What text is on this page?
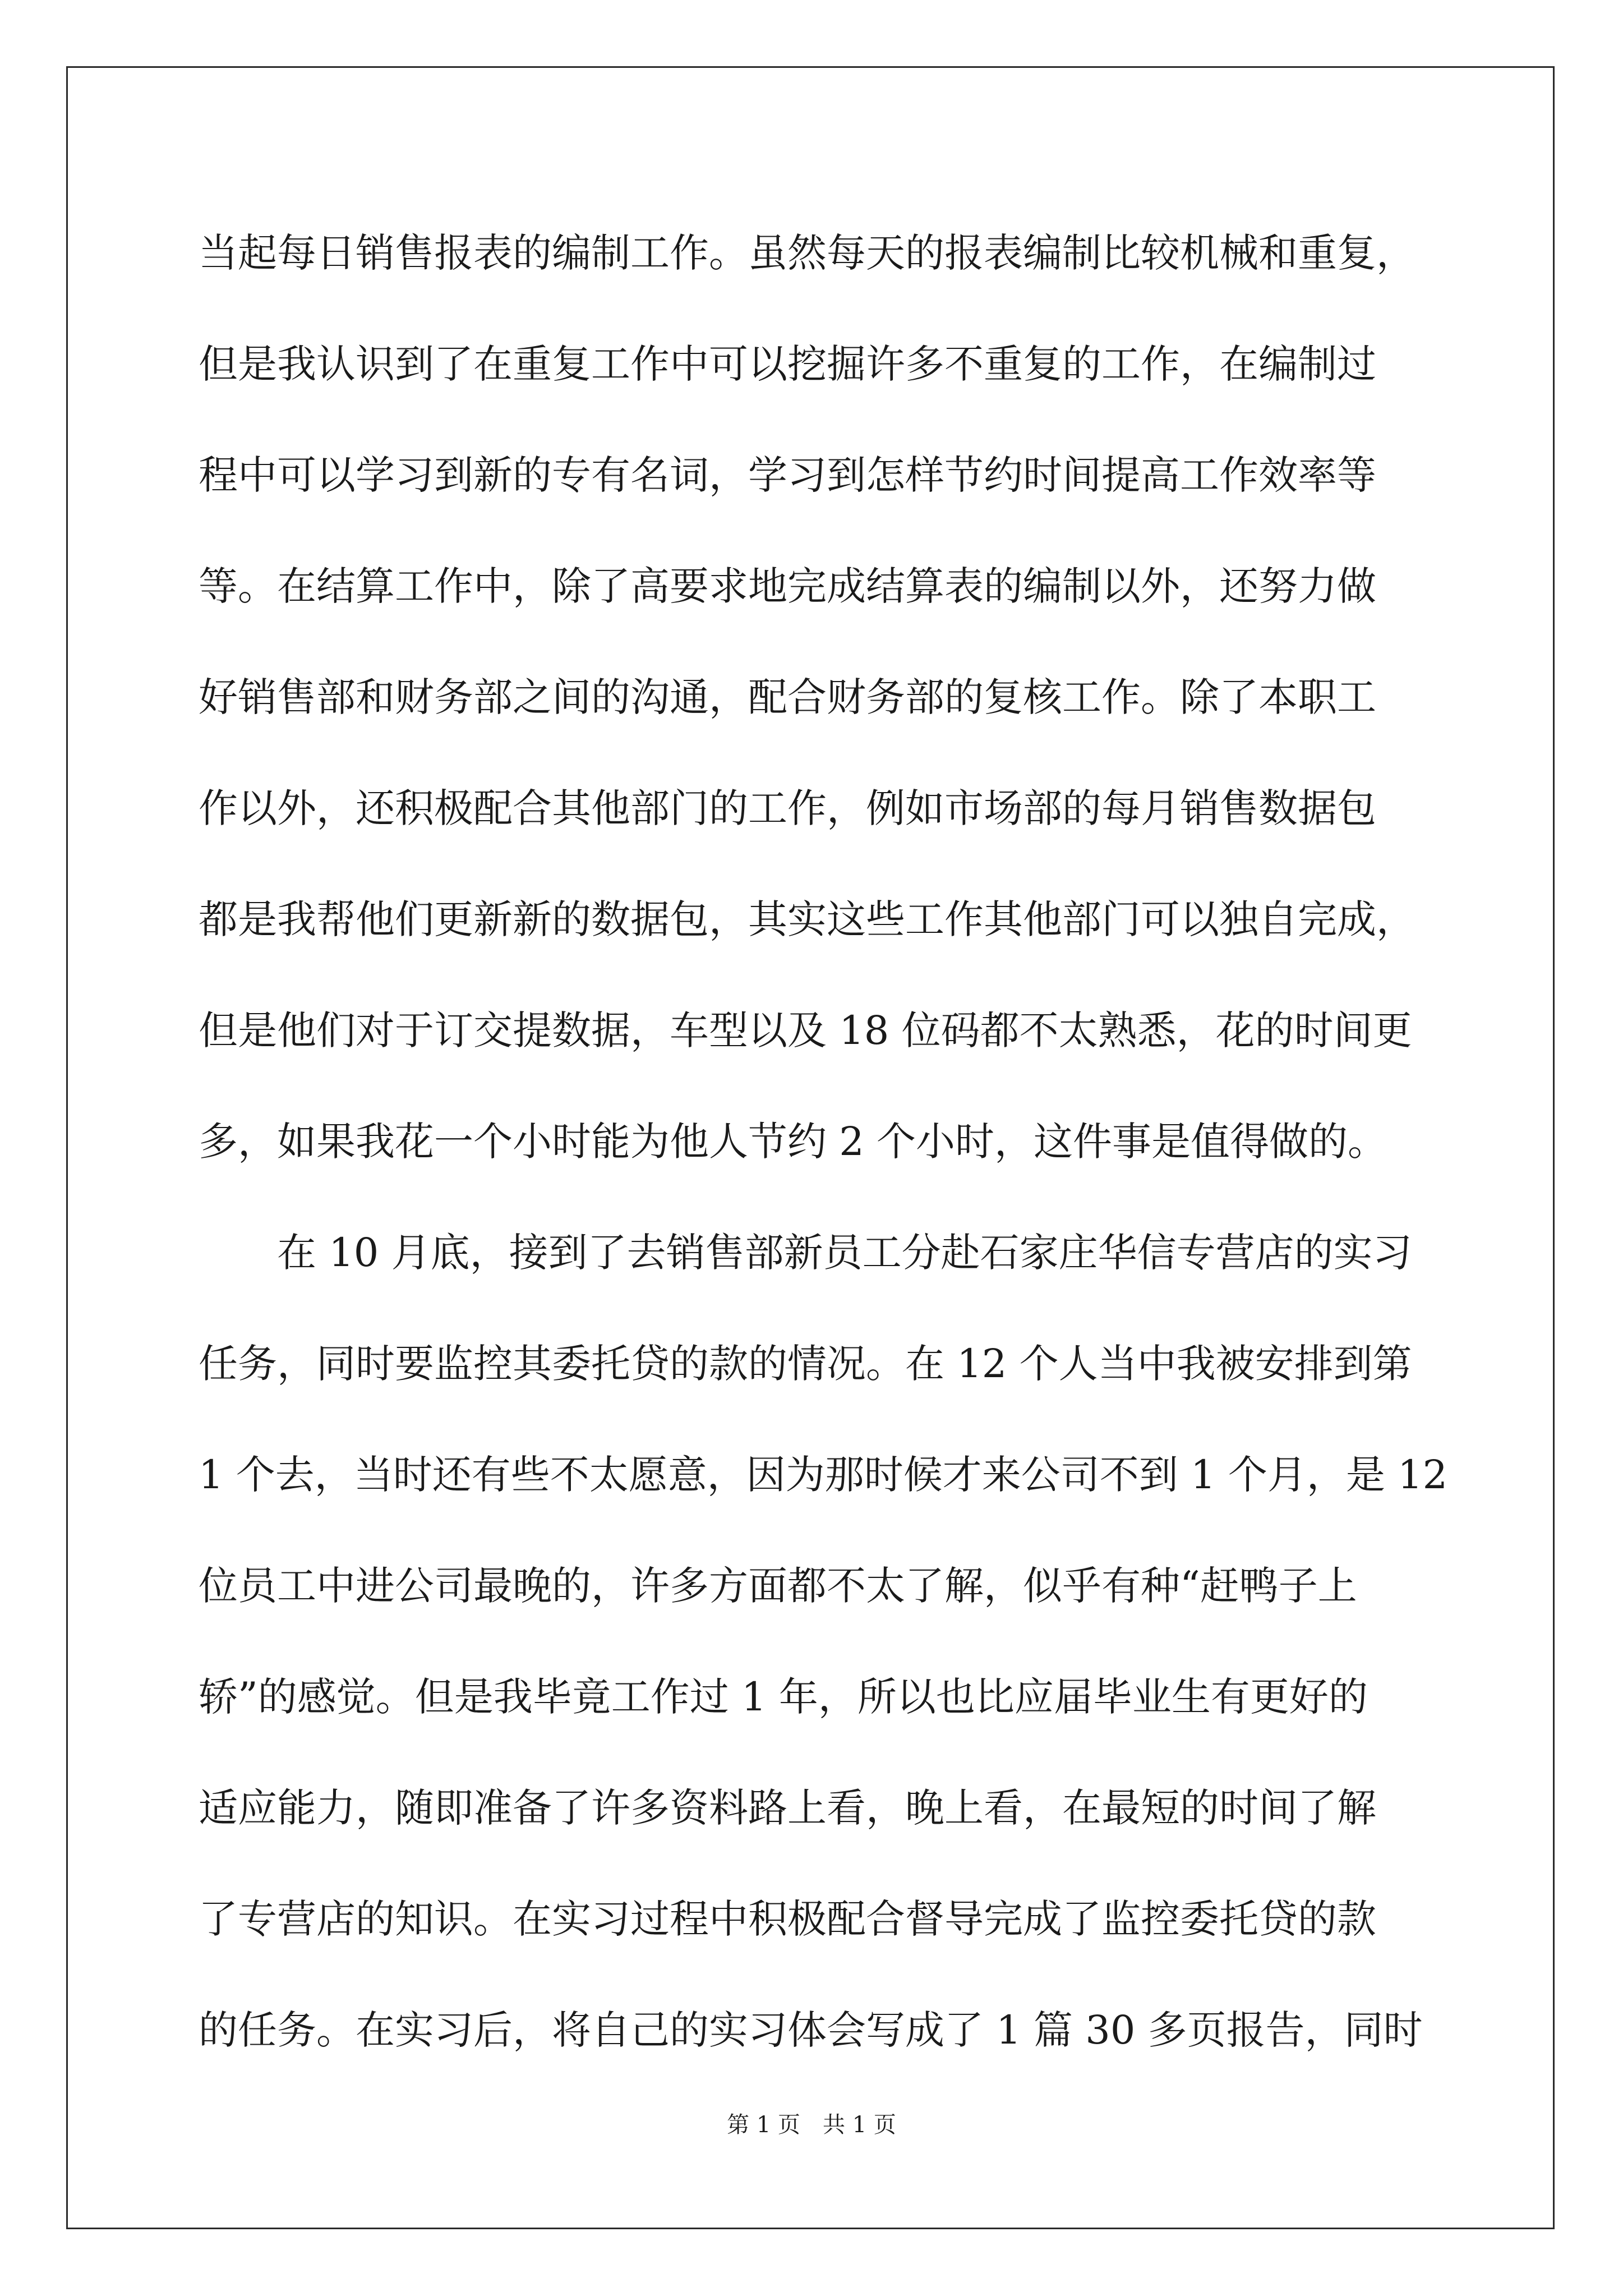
当起每日销售报表的编制工作。虽然每天的报表编制比较机械和重复，
但是我认识到了在重复工作中可以挖掘许多不重复的工作，在编制过
程中可以学习到新的专有名词，学习到怎样节约时间提高工作效率等
等。在结算工作中，除了高要求地完成结算表的编制以外，还努力做
好销售部和财务部之间的沟通，配合财务部的复核工作。除了本职工
作以外，还积极配合其他部门的工作，例如市场部的每月销售数据包
都是我帮他们更新新的数据包，其实这些工作其他部门可以独自完成，
但是他们对于订交提数据，车型以及 18 位码都不太熟悉，花的时间更
多，如果我花一个小时能为他人节约 2 个小时，这件事是值得做的。
在 10 月底，接到了去销售部新员工分赴石家庄华信专营店的实习
任务，同时要监控其委托贷的款的情况。在 12 个人当中我被安排到第
1 个去，当时还有些不太愿意，因为那时候才来公司不到 1 个月，是 12
位员工中进公司最晚的，许多方面都不太了解，似乎有种“赶鸭子上
轿”的感觉。但是我毕竟工作过 1 年，所以也比应届毕业生有更好的
适应能力，随即准备了许多资料路上看，晚上看，在最短的时间了解
了专营店的知识。在实习过程中积极配合督导完成了监控委托贷的款
的任务。在实习后，将自己的实习体会写成了 1 篇 30 多页报告，同时
第 1 页　共 1 页
